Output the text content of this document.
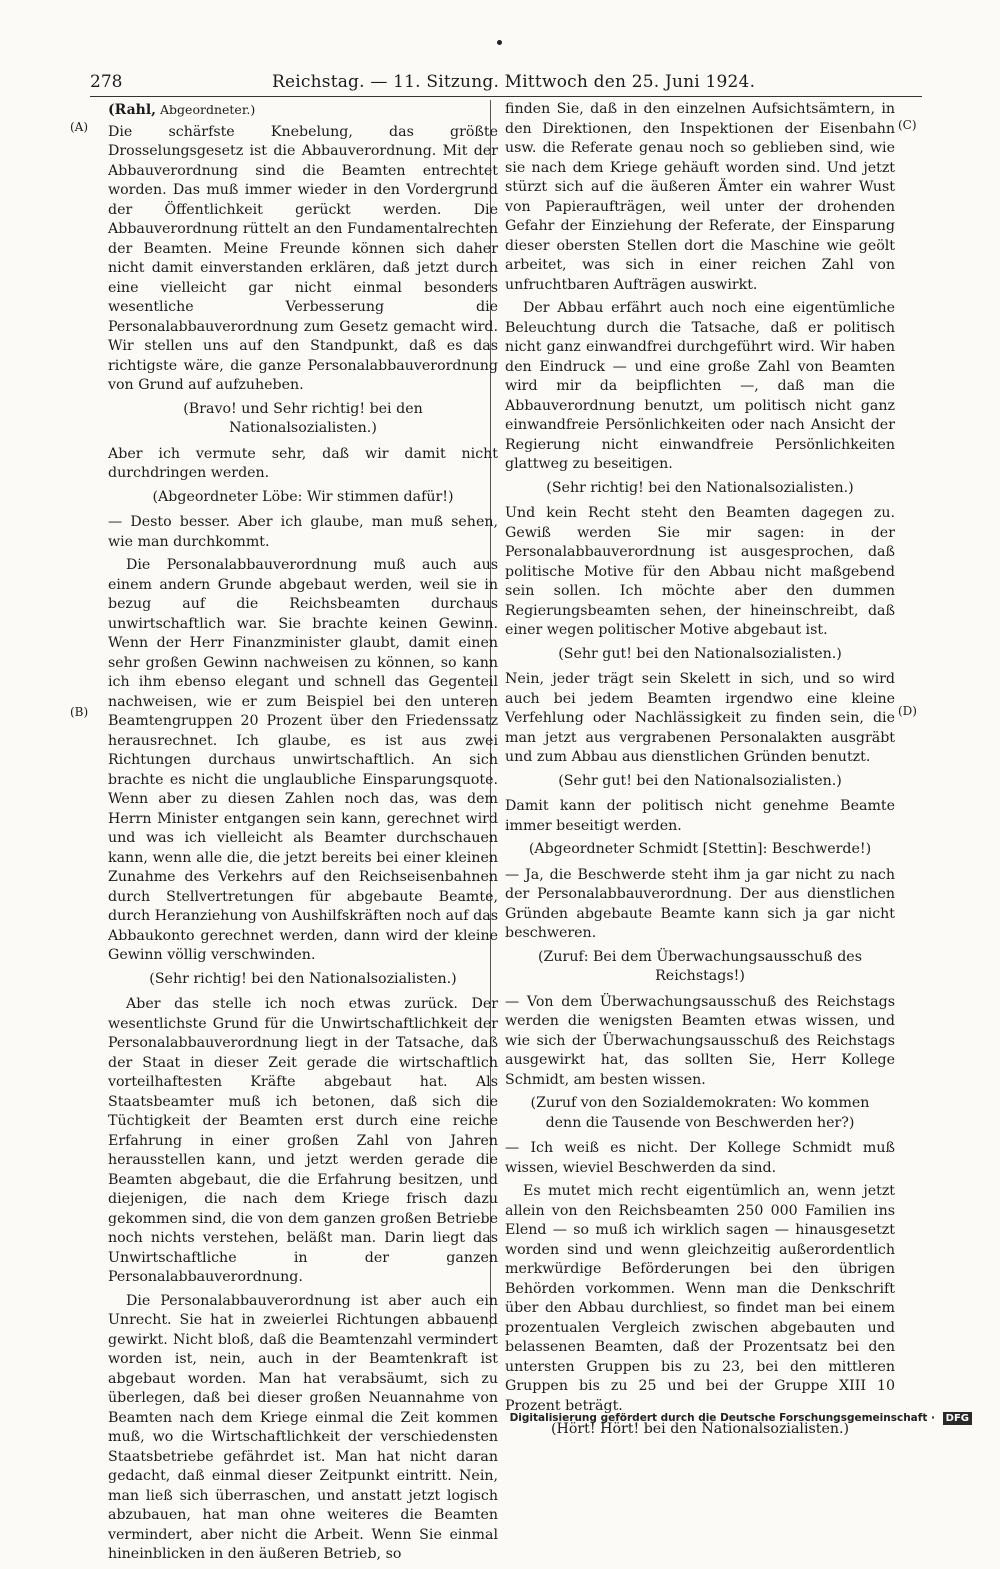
278	Reichstag. — 11. Sitzung. Mittwoch den 25. Juni 1924.
(A)
(B)
(C)
(D)
(Rahl, Abgeordneter.)

Die schärfste Knebelung, das größte Drosselungsgesetz ist die Abbauverordnung. Mit der Abbauverordnung sind die Beamten entrechtet worden. Das muß immer wieder in den Vordergrund der Öffentlichkeit gerückt werden. Die Abbauverordnung rüttelt an den Fundamentalrechten der Beamten. Meine Freunde können sich daher nicht damit einverstanden erklären, daß jetzt durch eine vielleicht gar nicht einmal besonders wesentliche Verbesserung die Personalabbauverordnung zum Gesetz gemacht wird. Wir stellen uns auf den Standpunkt, daß es das richtigste wäre, die ganze Personalabbauverordnung von Grund auf aufzuheben.

(Bravo! und Sehr richtig! bei den Nationalsozialisten.)

Aber ich vermute sehr, daß wir damit nicht durchdringen werden.

(Abgeordneter Löbe: Wir stimmen dafür!)

— Desto besser. Aber ich glaube, man muß sehen, wie man durchkommt.

Die Personalabbauverordnung muß auch aus einem andern Grunde abgebaut werden, weil sie in bezug auf die Reichsbeamten durchaus unwirtschaftlich war. Sie brachte keinen Gewinn. Wenn der Herr Finanzminister glaubt, damit einen sehr großen Gewinn nachweisen zu können, so kann ich ihm ebenso elegant und schnell das Gegenteil nachweisen, wie er zum Beispiel bei den unteren Beamtengruppen 20 Prozent über den Friedenssatz herausrechnet. Ich glaube, es ist aus zwei Richtungen durchaus unwirtschaftlich. An sich brachte es nicht die unglaubliche Einsparungsquote. Wenn aber zu diesen Zahlen noch das, was dem Herrn Minister entgangen sein kann, gerechnet wird und was ich vielleicht als Beamter durchschauen kann, wenn alle die, die jetzt bereits bei einer kleinen Zunahme des Verkehrs auf den Reichseisenbahnen durch Stellvertretungen für abgebaute Beamte, durch Heranziehung von Aushilfskräften noch auf das Abbaukonto gerechnet werden, dann wird der kleine Gewinn völlig verschwinden.

(Sehr richtig! bei den Nationalsozialisten.)

Aber das stelle ich noch etwas zurück. Der wesentlichste Grund für die Unwirtschaftlichkeit der Personalabbauverordnung liegt in der Tatsache, daß der Staat in dieser Zeit gerade die wirtschaftlich vorteilhaftesten Kräfte abgebaut hat. Als Staatsbeamter muß ich betonen, daß sich die Tüchtigkeit der Beamten erst durch eine reiche Erfahrung in einer großen Zahl von Jahren herausstellen kann, und jetzt werden gerade die Beamten abgebaut, die die Erfahrung besitzen, und diejenigen, die nach dem Kriege frisch dazu gekommen sind, die von dem ganzen großen Betriebe noch nichts verstehen, beläßt man. Darin liegt das Unwirtschaftliche in der ganzen Personalabbauverordnung.

Die Personalabbauverordnung ist aber auch ein Unrecht. Sie hat in zweierlei Richtungen abbauend gewirkt. Nicht bloß, daß die Beamtenzahl vermindert worden ist, nein, auch in der Beamtenkraft ist abgebaut worden. Man hat verabsäumt, sich zu überlegen, daß bei dieser großen Neuannahme von Beamten nach dem Kriege einmal die Zeit kommen muß, wo die Wirtschaftlichkeit der verschiedensten Staatsbetriebe gefährdet ist. Man hat nicht daran gedacht, daß einmal dieser Zeitpunkt eintritt. Nein, man ließ sich überraschen, und anstatt jetzt logisch abzubauen, hat man ohne weiteres die Beamten vermindert, aber nicht die Arbeit. Wenn Sie einmal hineinblicken in den äußeren Betrieb, so

finden Sie, daß in den einzelnen Aufsichtsämtern, in den Direktionen, den Inspektionen der Eisenbahn usw. die Referate genau noch so geblieben sind, wie sie nach dem Kriege gehäuft worden sind. Und jetzt stürzt sich auf die äußeren Ämter ein wahrer Wust von Papieraufträgen, weil unter der drohenden Gefahr der Einziehung der Referate, der Einsparung dieser obersten Stellen dort die Maschine wie geölt arbeitet, was sich in einer reichen Zahl von unfruchtbaren Aufträgen auswirkt.

Der Abbau erfährt auch noch eine eigentümliche Beleuchtung durch die Tatsache, daß er politisch nicht ganz einwandfrei durchgeführt wird. Wir haben den Eindruck — und eine große Zahl von Beamten wird mir da beipflichten —, daß man die Abbauverordnung benutzt, um politisch nicht ganz einwandfreie Persönlichkeiten oder nach Ansicht der Regierung nicht einwandfreie Persönlichkeiten glattweg zu beseitigen.

(Sehr richtig! bei den Nationalsozialisten.)

Und kein Recht steht den Beamten dagegen zu. Gewiß werden Sie mir sagen: in der Personalabbauverordnung ist ausgesprochen, daß politische Motive für den Abbau nicht maßgebend sein sollen. Ich möchte aber den dummen Regierungsbeamten sehen, der hineinschreibt, daß einer wegen politischer Motive abgebaut ist.

(Sehr gut! bei den Nationalsozialisten.)

Nein, jeder trägt sein Skelett in sich, und so wird auch bei jedem Beamten irgendwo eine kleine Verfehlung oder Nachlässigkeit zu finden sein, die man jetzt aus vergrabenen Personalakten ausgräbt und zum Abbau aus dienstlichen Gründen benutzt.

(Sehr gut! bei den Nationalsozialisten.)

Damit kann der politisch nicht genehme Beamte immer beseitigt werden.

(Abgeordneter Schmidt [Stettin]: Beschwerde!)

— Ja, die Beschwerde steht ihm ja gar nicht zu nach der Personalabbauverordnung. Der aus dienstlichen Gründen abgebaute Beamte kann sich ja gar nicht beschweren.

(Zuruf: Bei dem Überwachungsausschuß des Reichstags!)

— Von dem Überwachungsausschuß des Reichstags werden die wenigsten Beamten etwas wissen, und wie sich der Überwachungsausschuß des Reichstags ausgewirkt hat, das sollten Sie, Herr Kollege Schmidt, am besten wissen.

(Zuruf von den Sozialdemokraten: Wo kommen denn die Tausende von Beschwerden her?)

— Ich weiß es nicht. Der Kollege Schmidt muß wissen, wieviel Beschwerden da sind.

Es mutet mich recht eigentümlich an, wenn jetzt allein von den Reichsbeamten 250 000 Familien ins Elend — so muß ich wirklich sagen — hinausgesetzt worden sind und wenn gleichzeitig außerordentlich merkwürdige Beförderungen bei den übrigen Behörden vorkommen. Wenn man die Denkschrift über den Abbau durchliest, so findet man bei einem prozentualen Vergleich zwischen abgebauten und belassenen Beamten, daß der Prozentsatz bei den untersten Gruppen bis zu 23, bei den mittleren Gruppen bis zu 25 und bei der Gruppe XIII 10 Prozent beträgt.

(Hört! Hört! bei den Nationalsozialisten.)

Digitalisierung gefördert durch die Deutsche Forschungsgemeinschaft · DFG
